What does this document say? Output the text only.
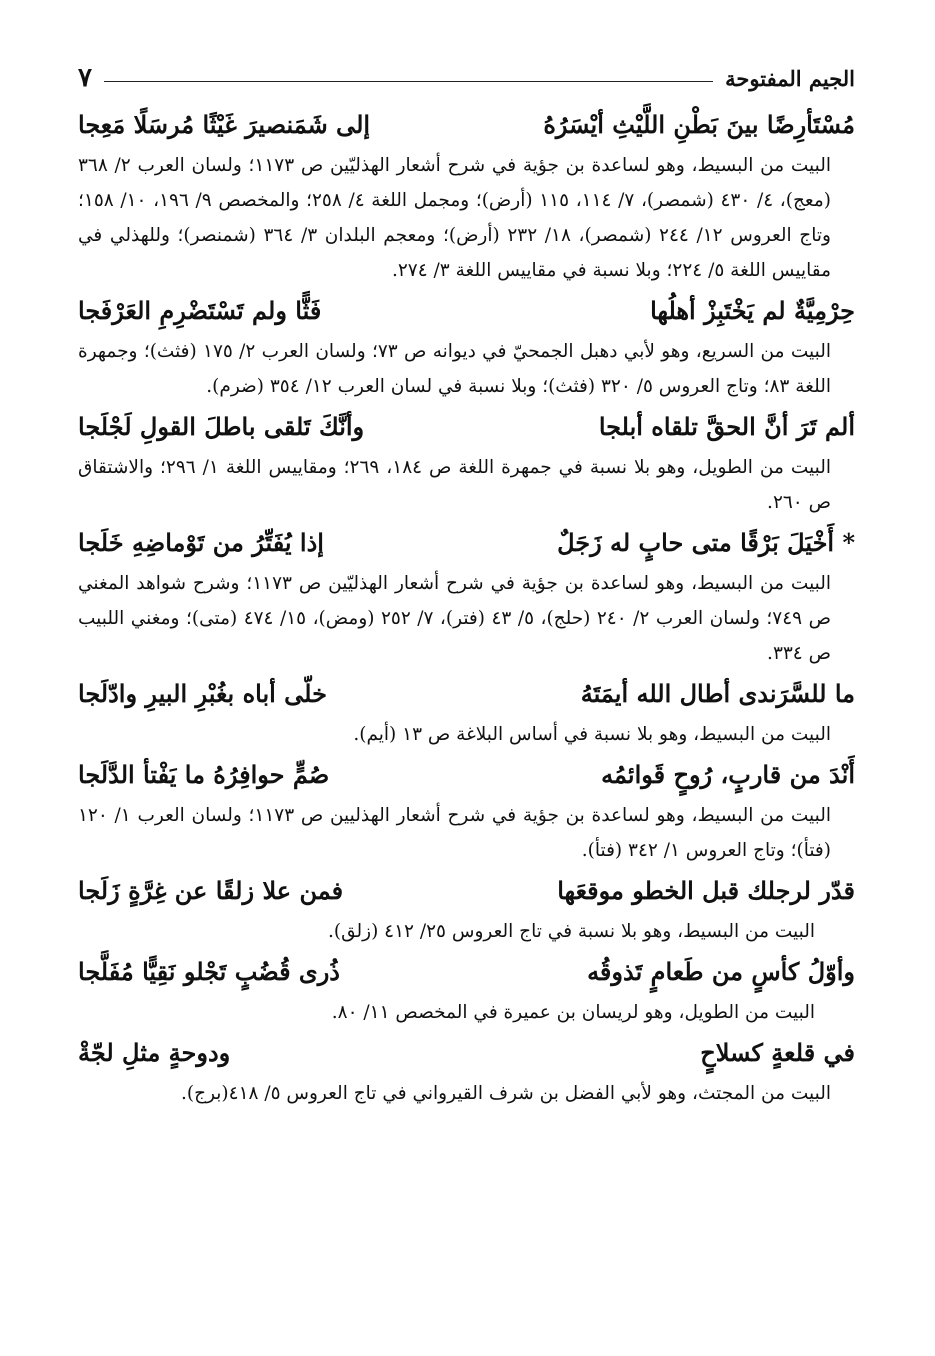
الجيم المفتوحة
٧
مُسْتَأرِضًا بينَ بَطْنِ اللَّيْثِ أيْسَرُهُ
إلى شَمَنصيرَ غَيْثًا مُرسَلًا مَعِجا
البيت من البسيط، وهو لساعدة بن جؤية في شرح أشعار الهذليّين ص ١١٧٣؛ ولسان العرب ٢/ ٣٦٨ (معج)، ٤/ ٤٣٠ (شمصر)، ٧/ ١١٤، ١١٥ (أرض)؛ ومجمل اللغة ٤/ ٢٥٨؛ والمخصص ٩/ ١٩٦، ١٠/ ١٥٨؛ وتاج العروس ١٢/ ٢٤٤ (شمصر)، ١٨/ ٢٣٢ (أرض)؛ ومعجم البلدان ٣/ ٣٦٤ (شمنصر)؛ وللهذلي في مقاييس اللغة ٥/ ٢٢٤؛ وبلا نسبة في مقاييس اللغة ٣/ ٢٧٤.
حِرْمِيَّةٌ لم يَخْتَبِزْ أهلُها
فَثًّا ولم تَسْتَضْرِمِ العَرْفَجا
البيت من السريع، وهو لأبي دهبل الجمحيّ في ديوانه ص ٧٣؛ ولسان العرب ٢/ ١٧٥ (فثث)؛ وجمهرة اللغة ٨٣؛ وتاج العروس ٥/ ٣٢٠ (فثث)؛ وبلا نسبة في لسان العرب ١٢/ ٣٥٤ (ضرم).
ألم تَرَ أنَّ الحقَّ تلقاه أبلجا
وأنَّكَ تَلقى باطلَ القولِ لَجْلَجا
البيت من الطويل، وهو بلا نسبة في جمهرة اللغة ص ١٨٤، ٢٦٩؛ ومقاييس اللغة ١/ ٢٩٦؛ والاشتقاق ص ٢٦٠.
* أَخْيَلَ بَرْقًا متى حابٍ له زَجَلٌ
إذا يُفَتِّرُ من تَوْماضِهِ خَلَجا
البيت من البسيط، وهو لساعدة بن جؤية في شرح أشعار الهذليّين ص ١١٧٣؛ وشرح شواهد المغني ص ٧٤٩؛ ولسان العرب ٢/ ٢٤٠ (حلج)، ٥/ ٤٣ (فتر)، ٧/ ٢٥٢ (ومض)، ١٥/ ٤٧٤ (متى)؛ ومغني اللبيب ص ٣٣٤.
ما للسَّرَندى أطال الله أيمَتَهُ
خلّى أباه بغُبْرِ البيرِ وادّلَجا
البيت من البسيط، وهو بلا نسبة في أساس البلاغة ص ١٣ (أيم).
أَنْدَ من قاربٍ، رُوحٍ قَوائمُه
صُمٍّ حوافِرُهُ ما يَفْتأ الدَّلَجا
البيت من البسيط، وهو لساعدة بن جؤية في شرح أشعار الهذليين ص ١١٧٣؛ ولسان العرب ١/ ١٢٠ (فتأ)؛ وتاج العروس ١/ ٣٤٢ (فتأ).
قدّر لرجلك قبل الخطو موقعَها
فمن علا زلقًا عن غِرَّةٍ زَلَجا
البيت من البسيط، وهو بلا نسبة في تاج العروس ٢٥/ ٤١٢ (زلق).
وأوّلُ كأسٍ من طَعامٍ تَذوقُه
ذُرى قُضُبٍ تَجْلو نَقِيًّا مُفَلَّجا
البيت من الطويل، وهو لريسان بن عميرة في المخصص ١١/ ٨٠.
في قلعةٍ كسلاحٍ
ودوحةٍ مثلِ لجّةْ
البيت من المجتث، وهو لأبي الفضل بن شرف القيرواني في تاج العروس ٥/ ٤١٨(برج).
